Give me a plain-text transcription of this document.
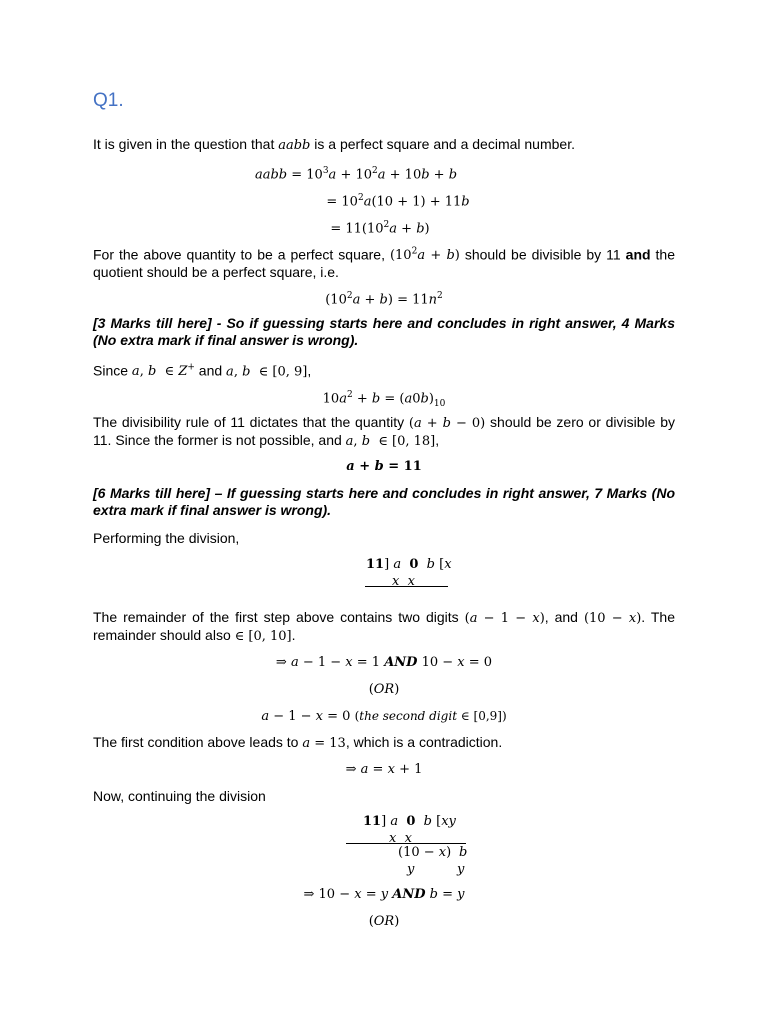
Q1.
It is given in the question that aabb is a perfect square and a decimal number.
aabb = $10^3a + 10^2a + 10b + b$
= $10^2a(10 + 1) + 11b$
= $11(10^2a + b)$
For the above quantity to be a perfect square, $(10^2a + b)$ should be divisible by 11 and the quotient should be a perfect square, i.e.
$(10^2a + b) = 11n^2$
[3 Marks till here] - So if guessing starts here and concludes in right answer, 4 Marks (No extra mark if final answer is wrong).
Since a, b  ∈ Z+ and a, b  ∈ [0, 9],
$10a^2 + b = (a0b)_{10}$
The divisibility rule of 11 dictates that the quantity (a + b − 0) should be zero or divisible by 11. Since the former is not possible, and a, b  ∈ [0, 18],
a + b = 11
[6 Marks till here] – If guessing starts here and concludes in right answer, 7 Marks (No extra mark if final answer is wrong).
Performing the division,
11] a 0 b [x
x x
The remainder of the first step above contains two digits (a − 1 − x), and (10 − x). The remainder should also ∈ [0, 10].
⇒ a − 1 − x = 1 AND 10 − x = 0
(OR)
a − 1 − x = 0 (the second digit ∈ [0,9])
The first condition above leads to a = 13, which is a contradiction.
⇒ a = x + 1
Now, continuing the division
11] a 0 b [xy
x x
(10 − x) b
y	y
⇒ 10 − x = y AND b = y
(OR)
